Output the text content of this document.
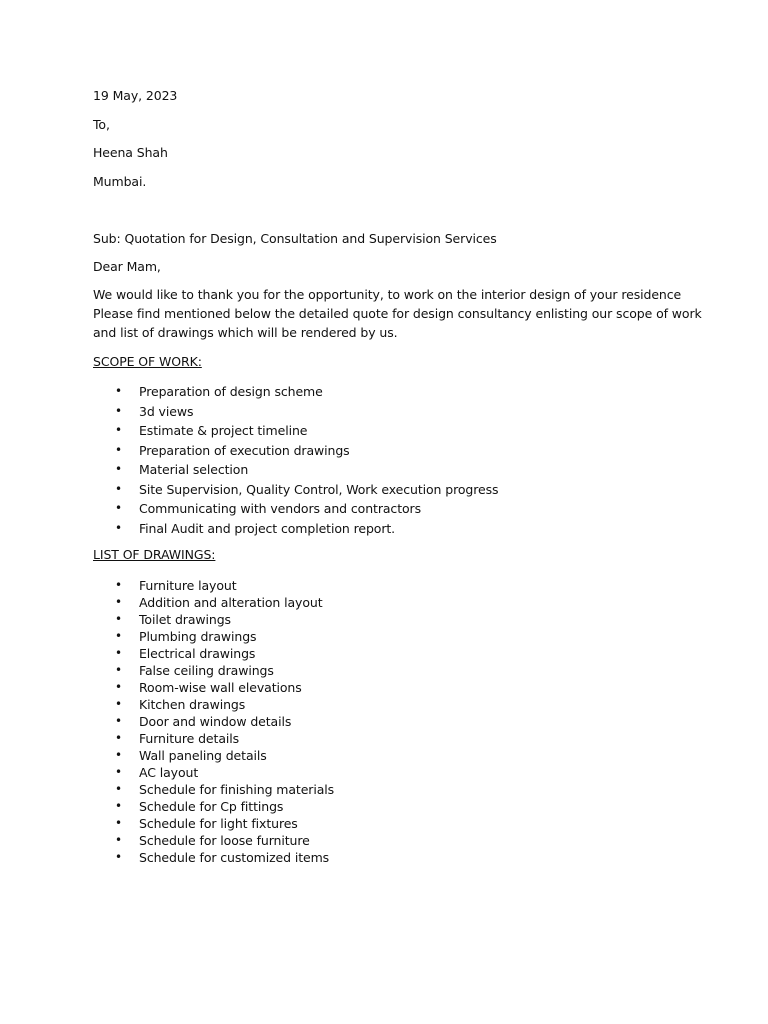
19 May, 2023
To,
Heena Shah
Mumbai.
Sub: Quotation for Design, Consultation and Supervision Services
Dear Mam,
We would like to thank you for the opportunity, to work on the interior design of your residence
Please find mentioned below the detailed quote for design consultancy enlisting our scope of work
and list of drawings which will be rendered by us.
SCOPE OF WORK:
• Preparation of design scheme
• 3d views
• Estimate & project timeline
• Preparation of execution drawings
• Material selection
• Site Supervision, Quality Control, Work execution progress
• Communicating with vendors and contractors
• Final Audit and project completion report.
LIST OF DRAWINGS:
• Furniture layout
• Addition and alteration layout
• Toilet drawings
• Plumbing drawings
• Electrical drawings
• False ceiling drawings
• Room-wise wall elevations
• Kitchen drawings
• Door and window details
• Furniture details
• Wall paneling details
• AC layout
• Schedule for finishing materials
• Schedule for Cp fittings
• Schedule for light fixtures
• Schedule for loose furniture
• Schedule for customized items
